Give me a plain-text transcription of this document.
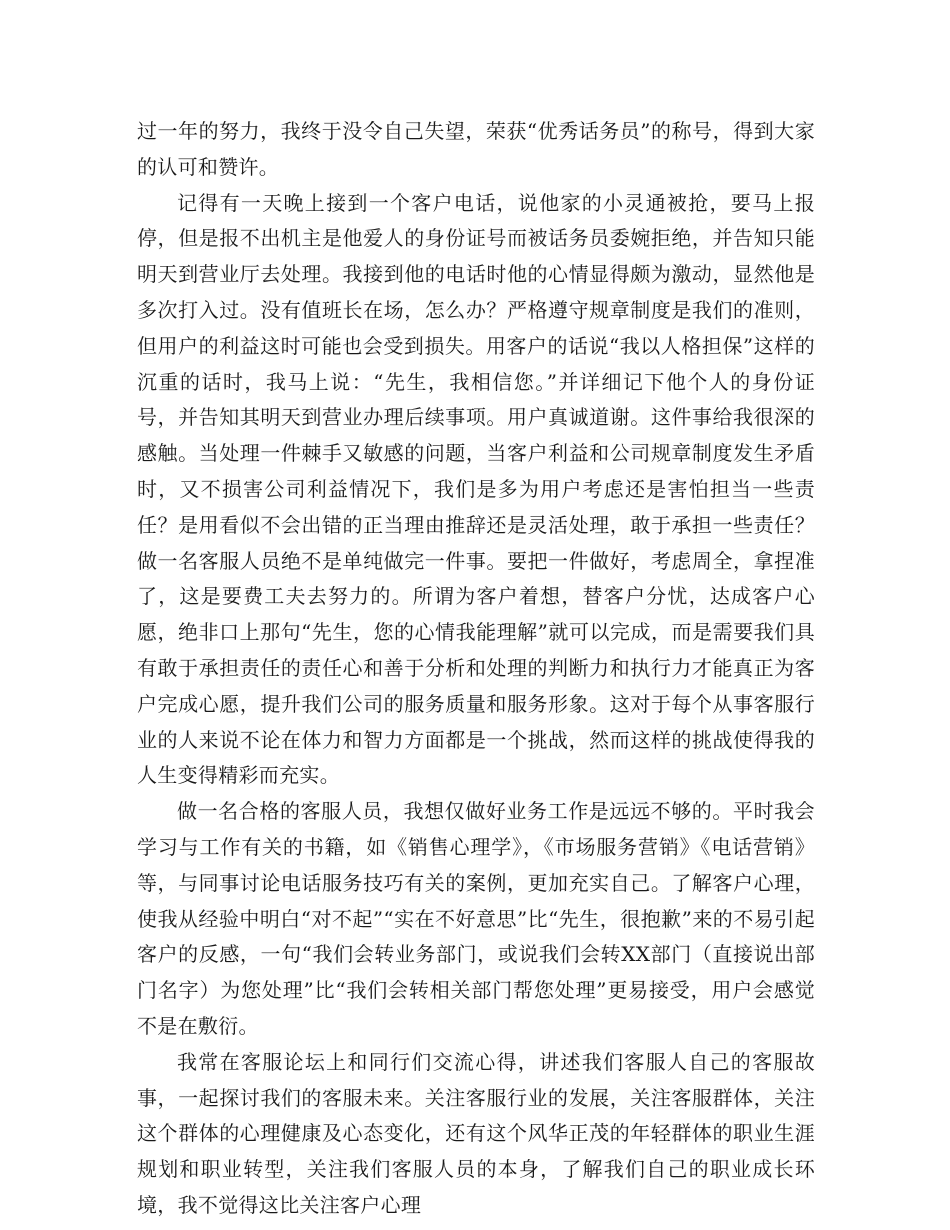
过一年的努力，我终于没令自己失望，荣获“优秀话务员”的称号，得到大家的认可和赞许。

记得有一天晚上接到一个客户电话，说他家的小灵通被抢，要马上报停，但是报不出机主是他爱人的身份证号而被话务员委婉拒绝，并告知只能明天到营业厅去处理。我接到他的电话时他的心情显得颇为激动，显然他是多次打入过。没有值班长在场，怎么办？严格遵守规章制度是我们的准则，但用户的利益这时可能也会受到损失。用客户的话说“我以人格担保”这样的沉重的话时，我马上说：“先生，我相信您。”并详细记下他个人的身份证号，并告知其明天到营业办理后续事项。用户真诚道谢。这件事给我很深的感触。当处理一件棘手又敏感的问题，当客户利益和公司规章制度发生矛盾时，又不损害公司利益情况下，我们是多为用户考虑还是害怕担当一些责任？是用看似不会出错的正当理由推辞还是灵活处理，敢于承担一些责任？做一名客服人员绝不是单纯做完一件事。要把一件做好，考虑周全，拿捏准了，这是要费工夫去努力的。所谓为客户着想，替客户分忧，达成客户心愿，绝非口上那句“先生，您的心情我能理解”就可以完成，而是需要我们具有敢于承担责任的责任心和善于分析和处理的判断力和执行力才能真正为客户完成心愿，提升我们公司的服务质量和服务形象。这对于每个从事客服行业的人来说不论在体力和智力方面都是一个挑战，然而这样的挑战使得我的人生变得精彩而充实。

做一名合格的客服人员，我想仅做好业务工作是远远不够的。平时我会学习与工作有关的书籍，如《销售心理学》，《市场服务营销》《电话营销》等，与同事讨论电话服务技巧有关的案例，更加充实自己。了解客户心理，使我从经验中明白“对不起”“实在不好意思”比“先生，很抱歉”来的不易引起客户的反感，一句“我们会转业务部门，或说我们会转XX部门（直接说出部门名字）为您处理”比“我们会转相关部门帮您处理”更易接受，用户会感觉不是在敷衍。

我常在客服论坛上和同行们交流心得，讲述我们客服人自己的客服故事，一起探讨我们的客服未来。关注客服行业的发展，关注客服群体，关注这个群体的心理健康及心态变化，还有这个风华正茂的年轻群体的职业生涯规划和职业转型，关注我们客服人员的本身，了解我们自己的职业成长环境，我不觉得这比关注客户心理
